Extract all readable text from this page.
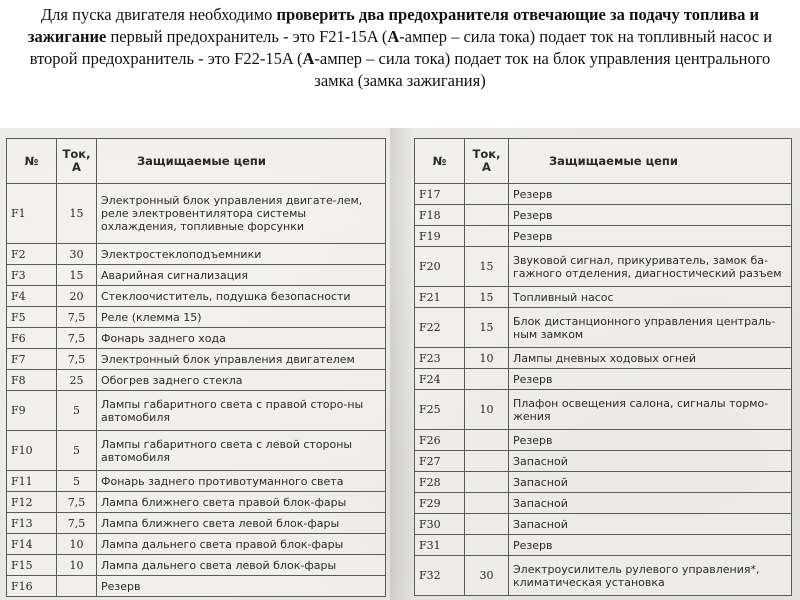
Для пуска двигателя необходимо проверить два предохранителя отвечающие за подачу топлива и зажигание первый предохранитель - это F21-15A (A-ампер – сила тока) подает ток на топливный насос и второй предохранитель - это F22-15A (A-ампер – сила тока) подает ток на блок управления центрального замка (замка зажигания)
№	Ток, А	Защищаемые цепи
F1	15	Электронный блок управления двигате-лем, реле электровентилятора системы охлаждения, топливные форсунки
F2	30	Электростеклоподъемники
F3	15	Аварийная сигнализация
F4	20	Стеклоочиститель, подушка безопасности
F5	7,5	Реле (клемма 15)
F6	7,5	Фонарь заднего хода
F7	7,5	Электронный блок управления двигателем
F8	25	Обогрев заднего стекла
F9	5	Лампы габаритного света с правой сторо-ны автомобиля
F10	5	Лампы габаритного света с левой стороны автомобиля
F11	5	Фонарь заднего противотуманного света
F12	7,5	Лампа ближнего света правой блок-фары
F13	7,5	Лампа ближнего света левой блок-фары
F14	10	Лампа дальнего света правой блок-фары
F15	10	Лампа дальнего света левой блок-фары
F16		Резерв
№	Ток, А	Защищаемые цепи
F17		Резерв
F18		Резерв
F19		Резерв
F20	15	Звуковой сигнал, прикуриватель, замок ба-гажного отделения, диагностический разъем
F21	15	Топливный насос
F22	15	Блок дистанционного управления централь-ным замком
F23	10	Лампы дневных ходовых огней
F24		Резерв
F25	10	Плафон освещения салона, сигналы тормо-жения
F26		Резерв
F27		Запасной
F28		Запасной
F29		Запасной
F30		Запасной
F31		Резерв
F32	30	Электроусилитель рулевого управления*, климатическая установка
